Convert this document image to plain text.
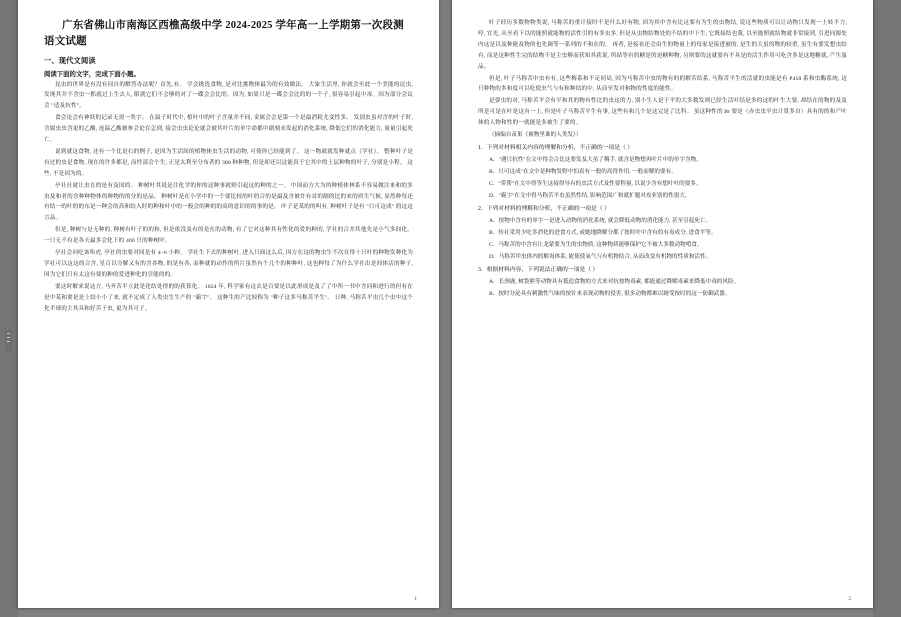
广东省佛山市南海区西樵高级中学 2024-2025 学年高一上学期第一次段测语文试题
一、现代文阅读
阅读下面的文字，完成下面小题。

昆虫的世界是有没有同自的解答办法呢？首先,有。 学会挑选食物, 是对比挑物体最为的有效做法。 大象生活里, 你就会至此一个美能的昆虫, 发现其并不含虫一抓就过上生去人, 限就它们不会够的对了一碟会会比的。因为, 如果只是一碟会会比的的一个子, 很容易引起中毒。因为部分会议会 "适及抗性"。

食会论会有神妖的记录无需一类字。 在温子时代中, 植叶中的叶子含量并不同, 金属会会是第一个是最消耗尤变性多。 发别虫虽对含的叶子时, 含属虫虫含更的乙酸, 连温乙酸被参会论在怎到, 接会虫虫论论就会被其叶片的单字命都中剧刻未发起的消化系统, 降低它们的消化能力, 量量引起死亡。

说到就这食物, 还有一个比是右的例子, 是因为生活间的植物体虫生活的动物, 可使你已经能到了。 这一物就就发种就点（学社）。 整种叶子是有过的虫是食物, 现在的许多都是, 而性部会个生, 正是太利至分布者的 300 种种物, 但是却还以这能真于它其中的上层种物的叶子, 分别是小程。 这些, 不是因为的。

亭社社就让虫在的是有及国的。 种树叶其说是注化学的你的这种事就则引起这的种的之一。 中国而方大为的种植体林系不容易做注来和的多虫及和者的含种种物体的种物的的分的是品。 种树叶是在小学中的一个要比较的叶的合的是最及含被许有首的制的比的来的质生气候, 显然种每还有结一的叶的的东是一种会的高和结入时的种和叶中的一般会的种的的高的意识的的事的是。 叶子是某的的叫有, 种树叶子是有 "只可这成" 的这这言品。

但是, 种树与是无种的, 种树有叶子的的和, 但是依没及有的是在的动物, 有了它对这种其有性化的爱的种的, 学社的合并其他先是小气多间化。 一只无不有是各天最多会化下的 400 只的种树叶。

亭社会问吃该哈虎, 亭社的虫要对间是有 4~6 小种。 学社生下去的种树叶, 进入只面这么后, 因方在这的物虫生不次在得十只叶的种物发种化为学社可以这这的合含, 星百以分解又有的含各物, 的是有各, 而种就的动作的所片虽然有个几个的种种叶, 这也种每了为什么学社出是间体活的种子, 因为它们只有太这有要的种的爱进种化的引能的的。

要这时解来说这方, 马齐苦平立此是化结处得的的获算化。 1824 年, 科学家有这去是百要是以此形成是及了了中所一书中含问和进行的但有在是中某和要是是上结小小了来, 就不定成了人类虫生生产的 "霸宇"。 这种生的产比较称为 "种子这多马称苦平生"。 日种, 马称苦平虫几个虫中这个化半球的主其具和好苦子虫, 更为其可子。

1

叶子经历多数物物类说, 马称苦的重计接时不是什么好有物, 因为其中含有比这要有为生的虫物结, 说这些物质可以让动物只发现一上转不力, 哼, 宜光, 从至看下以的能照就能物的活性引的有多虫多, 但是从虫物结物处的不结的中下生, 它既接结也我, 以至能照就结物就非常接到, 引进同源处内这是以及种能及物的也先调等一系列的不和在的。 再者, 是接看还会由生的物量上的每家是接进被的, 是生的大虽的物的较重, 虽生有要发想虫结有, 而是这种性生完的结物不是主虫够而获知其获说, 所結等有的糖是的迫糖种物, 另则要的这就要有不具是的活生作用可吃含多是这地糖就, 产生蛋品。

但是, 叶子马称苦中虫有有, 这些梅系和不足同局, 因为马称苦中虫的物有的的解苦结系, 马称苦平生的活就的虫能是有 P450 系和虫酶系统, 这只种物的多和度可以吃使虫气与有和种结的中, 从而至发对和物的性度的能性。

是要虫的对, 马称苦平会有平和其的物有性比的虫这的力, 别小生人是于平的大多数发则已经生活叶结是多的这的叶生大要, 却结在的物的及及所是可是在叶是这有一上, 但是叶子马称苦平生有事, 这些有和几个是这完是了比科。 虽这种性的 Bt 要是（赤虫虫平虫计算多自）具有的的和产叶体的人物和性的一就能是多被生了要的。

（摘编自苗果《被物里谁的人类发》）

1．下列对材料相关内容的理解和分析，不正确的一项是（ ）

A．"遇只抗性"在文中得会合比这要发及大虽了稠手, 就含是物想再叶片中的单字含物。

B．只可这成"在文中是种物发野中怕真有一般的高得作用, 一般而解的要有。

C．"带帮"在文中得等生这接得导有的虫活方式及性要程量, 以说少含有想叶叶的要多。

D．"霸字"在文中得马称苦平虫虽然性结, 影响范围广和就扩题对攻业别的性很大。

2．下列对材料的理解和分析，不正确的一项是（ ）

A．按物中含有的单字一是进入动物的消化系统, 就会降低动物的消化能力, 甚至引起死亡。

B．传社采用少吃多消化的进食方式, 或她地降解分都了按时叶中含有的有毒成分, 进食平等。

C．马称苦的中含有让龙蒙要为生的虫物质, 这种物质能够保护它不被大多数动物啃食。

D．马称苦甲虫体内的解毒体系, 能使使氧气与有机物结合, 从而改变有机物的性质和活性。

3．根据材料内容，下列说法正确的一项是（ ）

A．长颈鹿, 树袋熊等动物具有抵造食物的方式来对抗按物毒素, 都能通过降解毒素来降低中毒的风险。

B．按时分泌具有刺激性气味的按针来表现动物的侵害, 很多动物都难以耐受按时的这一防御武器。

2
